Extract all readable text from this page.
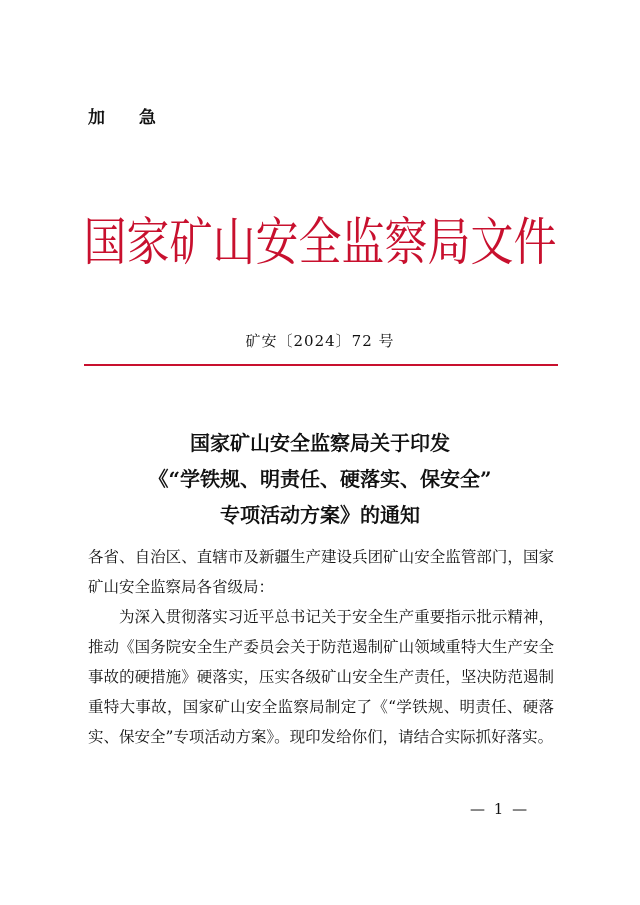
加 急
国家矿山安全监察局文件
矿安〔2024〕72 号
国家矿山安全监察局关于印发
《“学铁规、明责任、硬落实、保安全”
专项活动方案》的通知

各省、自治区、直辖市及新疆生产建设兵团矿山安全监管部门，国家矿山安全监察局各省级局：

为深入贯彻落实习近平总书记关于安全生产重要指示批示精神，推动《国务院安全生产委员会关于防范遏制矿山领域重特大生产安全事故的硬措施》硬落实，压实各级矿山安全生产责任，坚决防范遏制重特大事故，国家矿山安全监察局制定了《“学铁规、明责任、硬落实、保安全”专项活动方案》。现印发给你们，请结合实际抓好落实。

— 1 —
